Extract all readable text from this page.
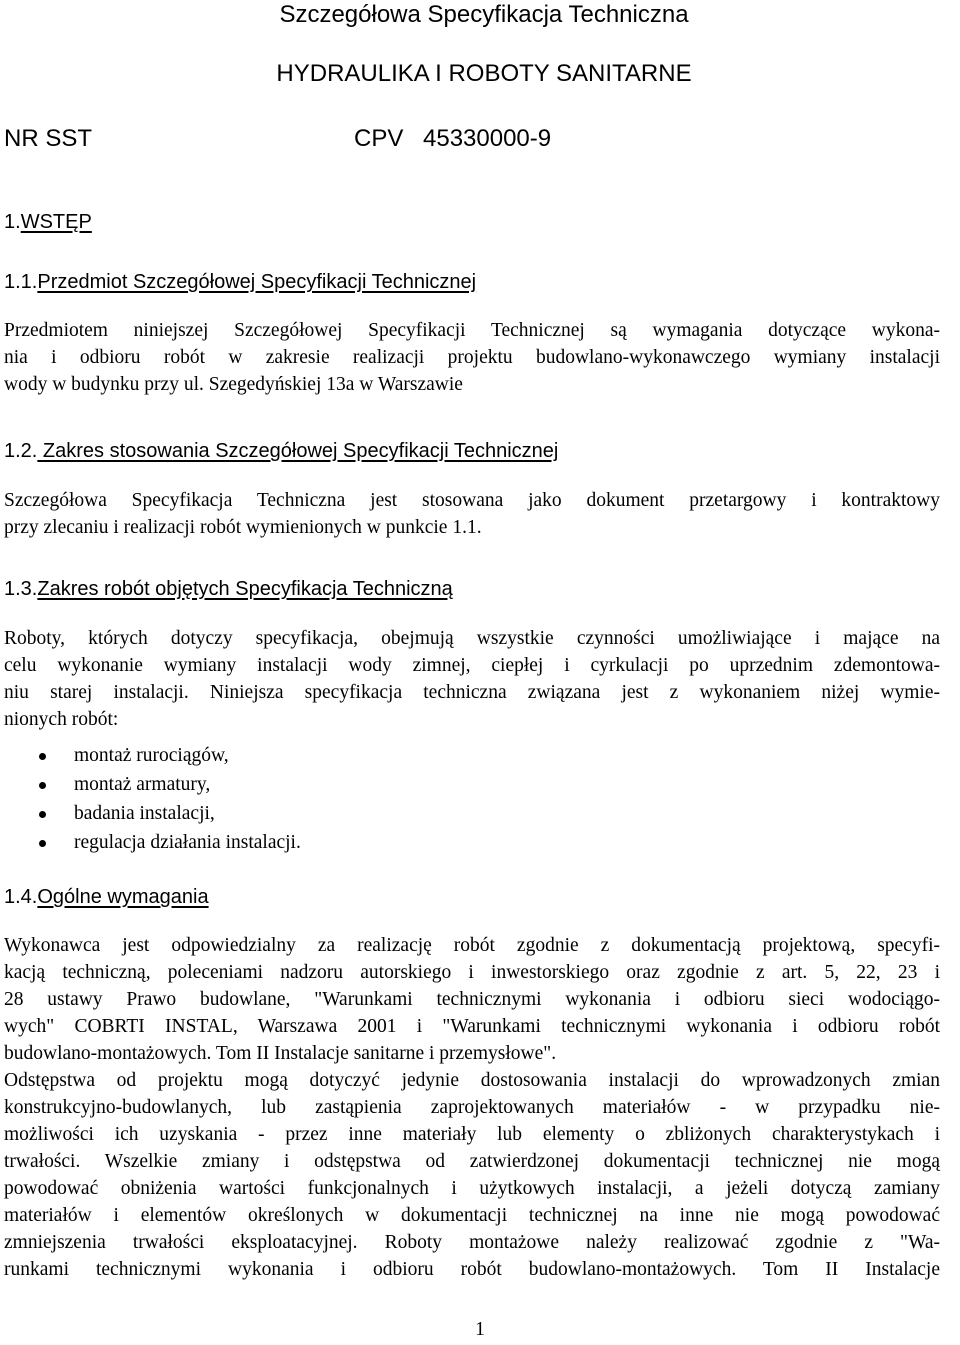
Szczegółowa Specyfikacja Techniczna
HYDRAULIKA I ROBOTY SANITARNE
NR SST	CPV 45330000-9
1.WSTĘP
1.1.Przedmiot Szczegółowej Specyfikacji Technicznej
Przedmiotem niniejszej Szczegółowej Specyfikacji Technicznej są wymagania dotyczące wykona-
nia i odbioru robót w zakresie realizacji projektu budowlano-wykonawczego wymiany instalacji
wody w budynku przy ul. Szegedyńskiej 13a w Warszawie
1.2. Zakres stosowania Szczegółowej Specyfikacji Technicznej
Szczegółowa Specyfikacja Techniczna jest stosowana jako dokument przetargowy i kontraktowy
przy zlecaniu i realizacji robót wymienionych w punkcie 1.1.
1.3.Zakres robót objętych Specyfikacja Techniczną
Roboty, których dotyczy specyfikacja, obejmują wszystkie czynności umożliwiające i mające na
celu wykonanie wymiany instalacji wody zimnej, ciepłej i cyrkulacji po uprzednim zdemontowa-
niu starej instalacji. Niniejsza specyfikacja techniczna związana jest z wykonaniem niżej wymie-
nionych robót:
montaż rurociągów,
montaż armatury,
badania instalacji,
regulacja działania instalacji.
1.4.Ogólne wymagania
Wykonawca jest odpowiedzialny za realizację robót zgodnie z dokumentacją projektową, specyfi-
kacją techniczną, poleceniami nadzoru autorskiego i inwestorskiego oraz zgodnie z art. 5, 22, 23 i
28 ustawy Prawo budowlane, "Warunkami technicznymi wykonania i odbioru sieci wodociągo-
wych" COBRTI INSTAL, Warszawa 2001 i "Warunkami technicznymi wykonania i odbioru robót
budowlano-montażowych. Tom II Instalacje sanitarne i przemysłowe".
Odstępstwa od projektu mogą dotyczyć jedynie dostosowania instalacji do wprowadzonych zmian
konstrukcyjno-budowlanych, lub zastąpienia zaprojektowanych materiałów - w przypadku nie-
możliwości ich uzyskania - przez inne materiały lub elementy o zbliżonych charakterystykach i
trwałości. Wszelkie zmiany i odstępstwa od zatwierdzonej dokumentacji technicznej nie mogą
powodować obniżenia wartości funkcjonalnych i użytkowych instalacji, a jeżeli dotyczą zamiany
materiałów i elementów określonych w dokumentacji technicznej na inne nie mogą powodować
zmniejszenia trwałości eksploatacyjnej. Roboty montażowe należy realizować zgodnie z "Wa-
runkami technicznymi wykonania i odbioru robót budowlano-montażowych. Tom II Instalacje
1
